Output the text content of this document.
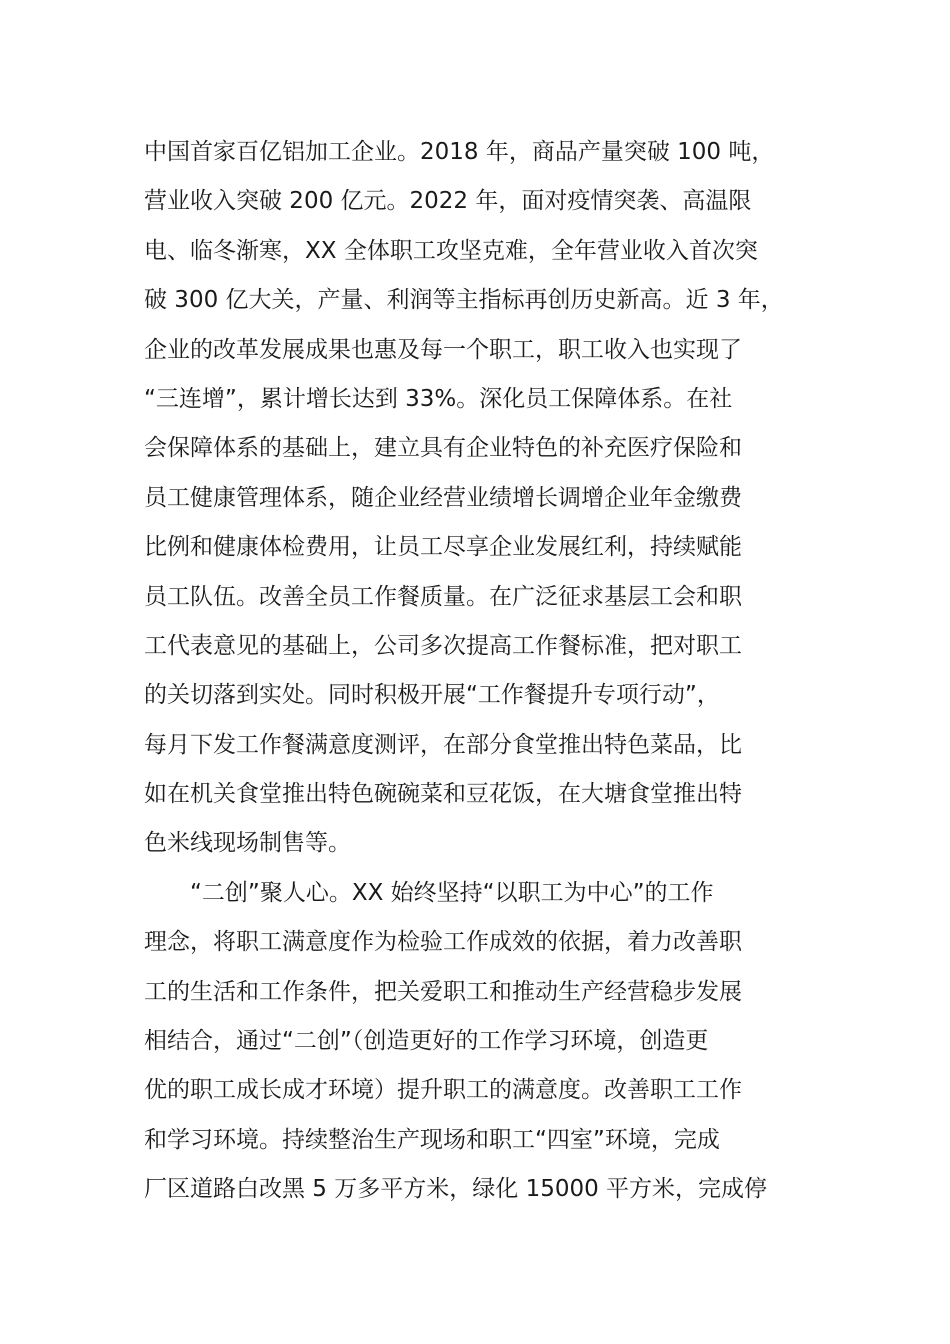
中国首家百亿铝加工企业。2018 年，商品产量突破 100 吨，
营业收入突破 200 亿元。2022 年，面对疫情突袭、高温限
电、临冬渐寒，XX 全体职工攻坚克难，全年营业收入首次突
破 300 亿大关，产量、利润等主指标再创历史新高。近 3 年，
企业的改革发展成果也惠及每一个职工，职工收入也实现了
“三连增”，累计增长达到 33%。深化员工保障体系。在社
会保障体系的基础上，建立具有企业特色的补充医疗保险和
员工健康管理体系，随企业经营业绩增长调增企业年金缴费
比例和健康体检费用，让员工尽享企业发展红利，持续赋能
员工队伍。改善全员工作餐质量。在广泛征求基层工会和职
工代表意见的基础上，公司多次提高工作餐标准，把对职工
的关切落到实处。同时积极开展“工作餐提升专项行动”，
每月下发工作餐满意度测评，在部分食堂推出特色菜品，比
如在机关食堂推出特色碗碗菜和豆花饭，在大塘食堂推出特
色米线现场制售等。
“二创”聚人心。XX 始终坚持“以职工为中心”的工作
理念，将职工满意度作为检验工作成效的依据，着力改善职
工的生活和工作条件，把关爱职工和推动生产经营稳步发展
相结合，通过“二创”（创造更好的工作学习环境，创造更
优的职工成长成才环境）提升职工的满意度。改善职工工作
和学习环境。持续整治生产现场和职工“四室”环境，完成
厂区道路白改黑 5 万多平方米，绿化 15000 平方米，完成停
